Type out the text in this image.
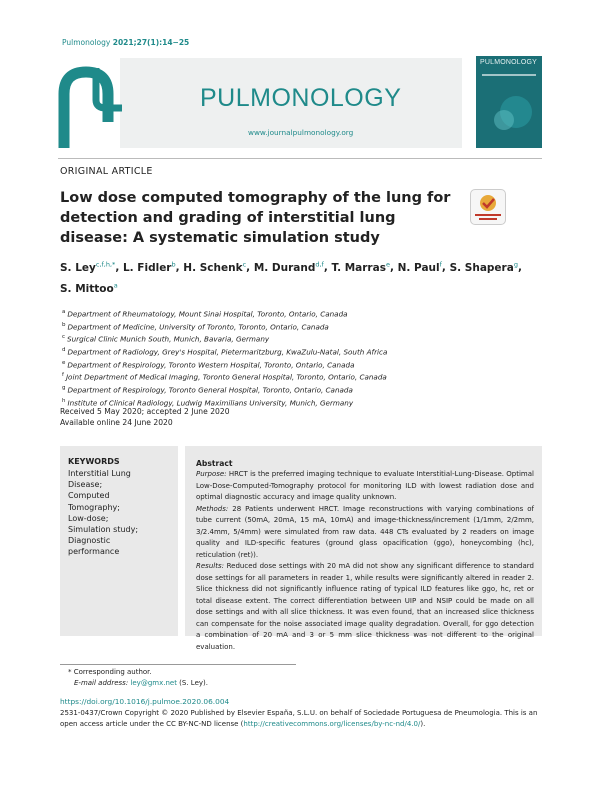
Pulmonology 2021;27(1):14−25
PULMONOLOGY
www.journalpulmonology.org
PULMONOLOGY
ORIGINAL ARTICLE
Low dose computed tomography of the lung for detection and grading of interstitial lung disease: A systematic simulation study
S. Ley$^{c,f,h,*}$, L. Fidler$^b$, H. Schenk$^c$, M. Durand$^{d,f}$, T. Marras$^e$, N. Paul$^f$, S. Shapera$^g$, S. Mittoo$^a$
$^a$ Department of Rheumatology, Mount Sinai Hospital, Toronto, Ontario, Canada
$^b$ Department of Medicine, University of Toronto, Toronto, Ontario, Canada
$^c$ Surgical Clinic Munich South, Munich, Bavaria, Germany
$^d$ Department of Radiology, Grey's Hospital, Pietermaritzburg, KwaZulu-Natal, South Africa
$^e$ Department of Respirology, Toronto Western Hospital, Toronto, Ontario, Canada
$^f$ Joint Department of Medical Imaging, Toronto General Hospital, Toronto, Ontario, Canada
$^g$ Department of Respirology, Toronto General Hospital, Toronto, Ontario, Canada
$^h$ Institute of Clinical Radiology, Ludwig Maximilians University, Munich, Germany
Received 5 May 2020; accepted 2 June 2020
Available online 24 June 2020
KEYWORDS
Interstitial Lung
Disease;
Computed
Tomography;
Low-dose;
Simulation study;
Diagnostic
performance
Abstract
Purpose: HRCT is the preferred imaging technique to evaluate Interstitial-Lung-Disease. Optimal Low-Dose-Computed-Tomography protocol for monitoring ILD with lowest radiation dose and optimal diagnostic accuracy and image quality unknown.
Methods: 28 Patients underwent HRCT. Image reconstructions with varying combinations of tube current (50mA, 20mA, 15 mA, 10mA) and image-thickness/increment (1/1mm, 2/2mm, 3/2.4mm, 5/4mm) were simulated from raw data. 448 CTs evaluated by 2 readers on image quality and ILD-specific features (ground glass opacification (ggo), honeycombing (hc), reticulation (ret)).
Results: Reduced dose settings with 20 mA did not show any significant difference to standard dose settings for all parameters in reader 1, while results were significantly altered in reader 2. Slice thickness did not significantly influence rating of typical ILD features like ggo, hc, ret or total disease extent. The correct differentiation between UIP and NSIP could be made on all dose settings and with all slice thickness. It was even found, that an increased slice thickness can compensate for the noise associated image quality degradation. Overall, for ggo detection a combination of 20 mA and 3 or 5 mm slice thickness was not different to the original evaluation.
* Corresponding author.
E-mail address: ley@gmx.net (S. Ley).
https://doi.org/10.1016/j.pulmoe.2020.06.004
2531-0437/Crown Copyright © 2020 Published by Elsevier España, S.L.U. on behalf of Sociedade Portuguesa de Pneumologia. This is an open access article under the CC BY-NC-ND license (http://creativecommons.org/licenses/by-nc-nd/4.0/).
